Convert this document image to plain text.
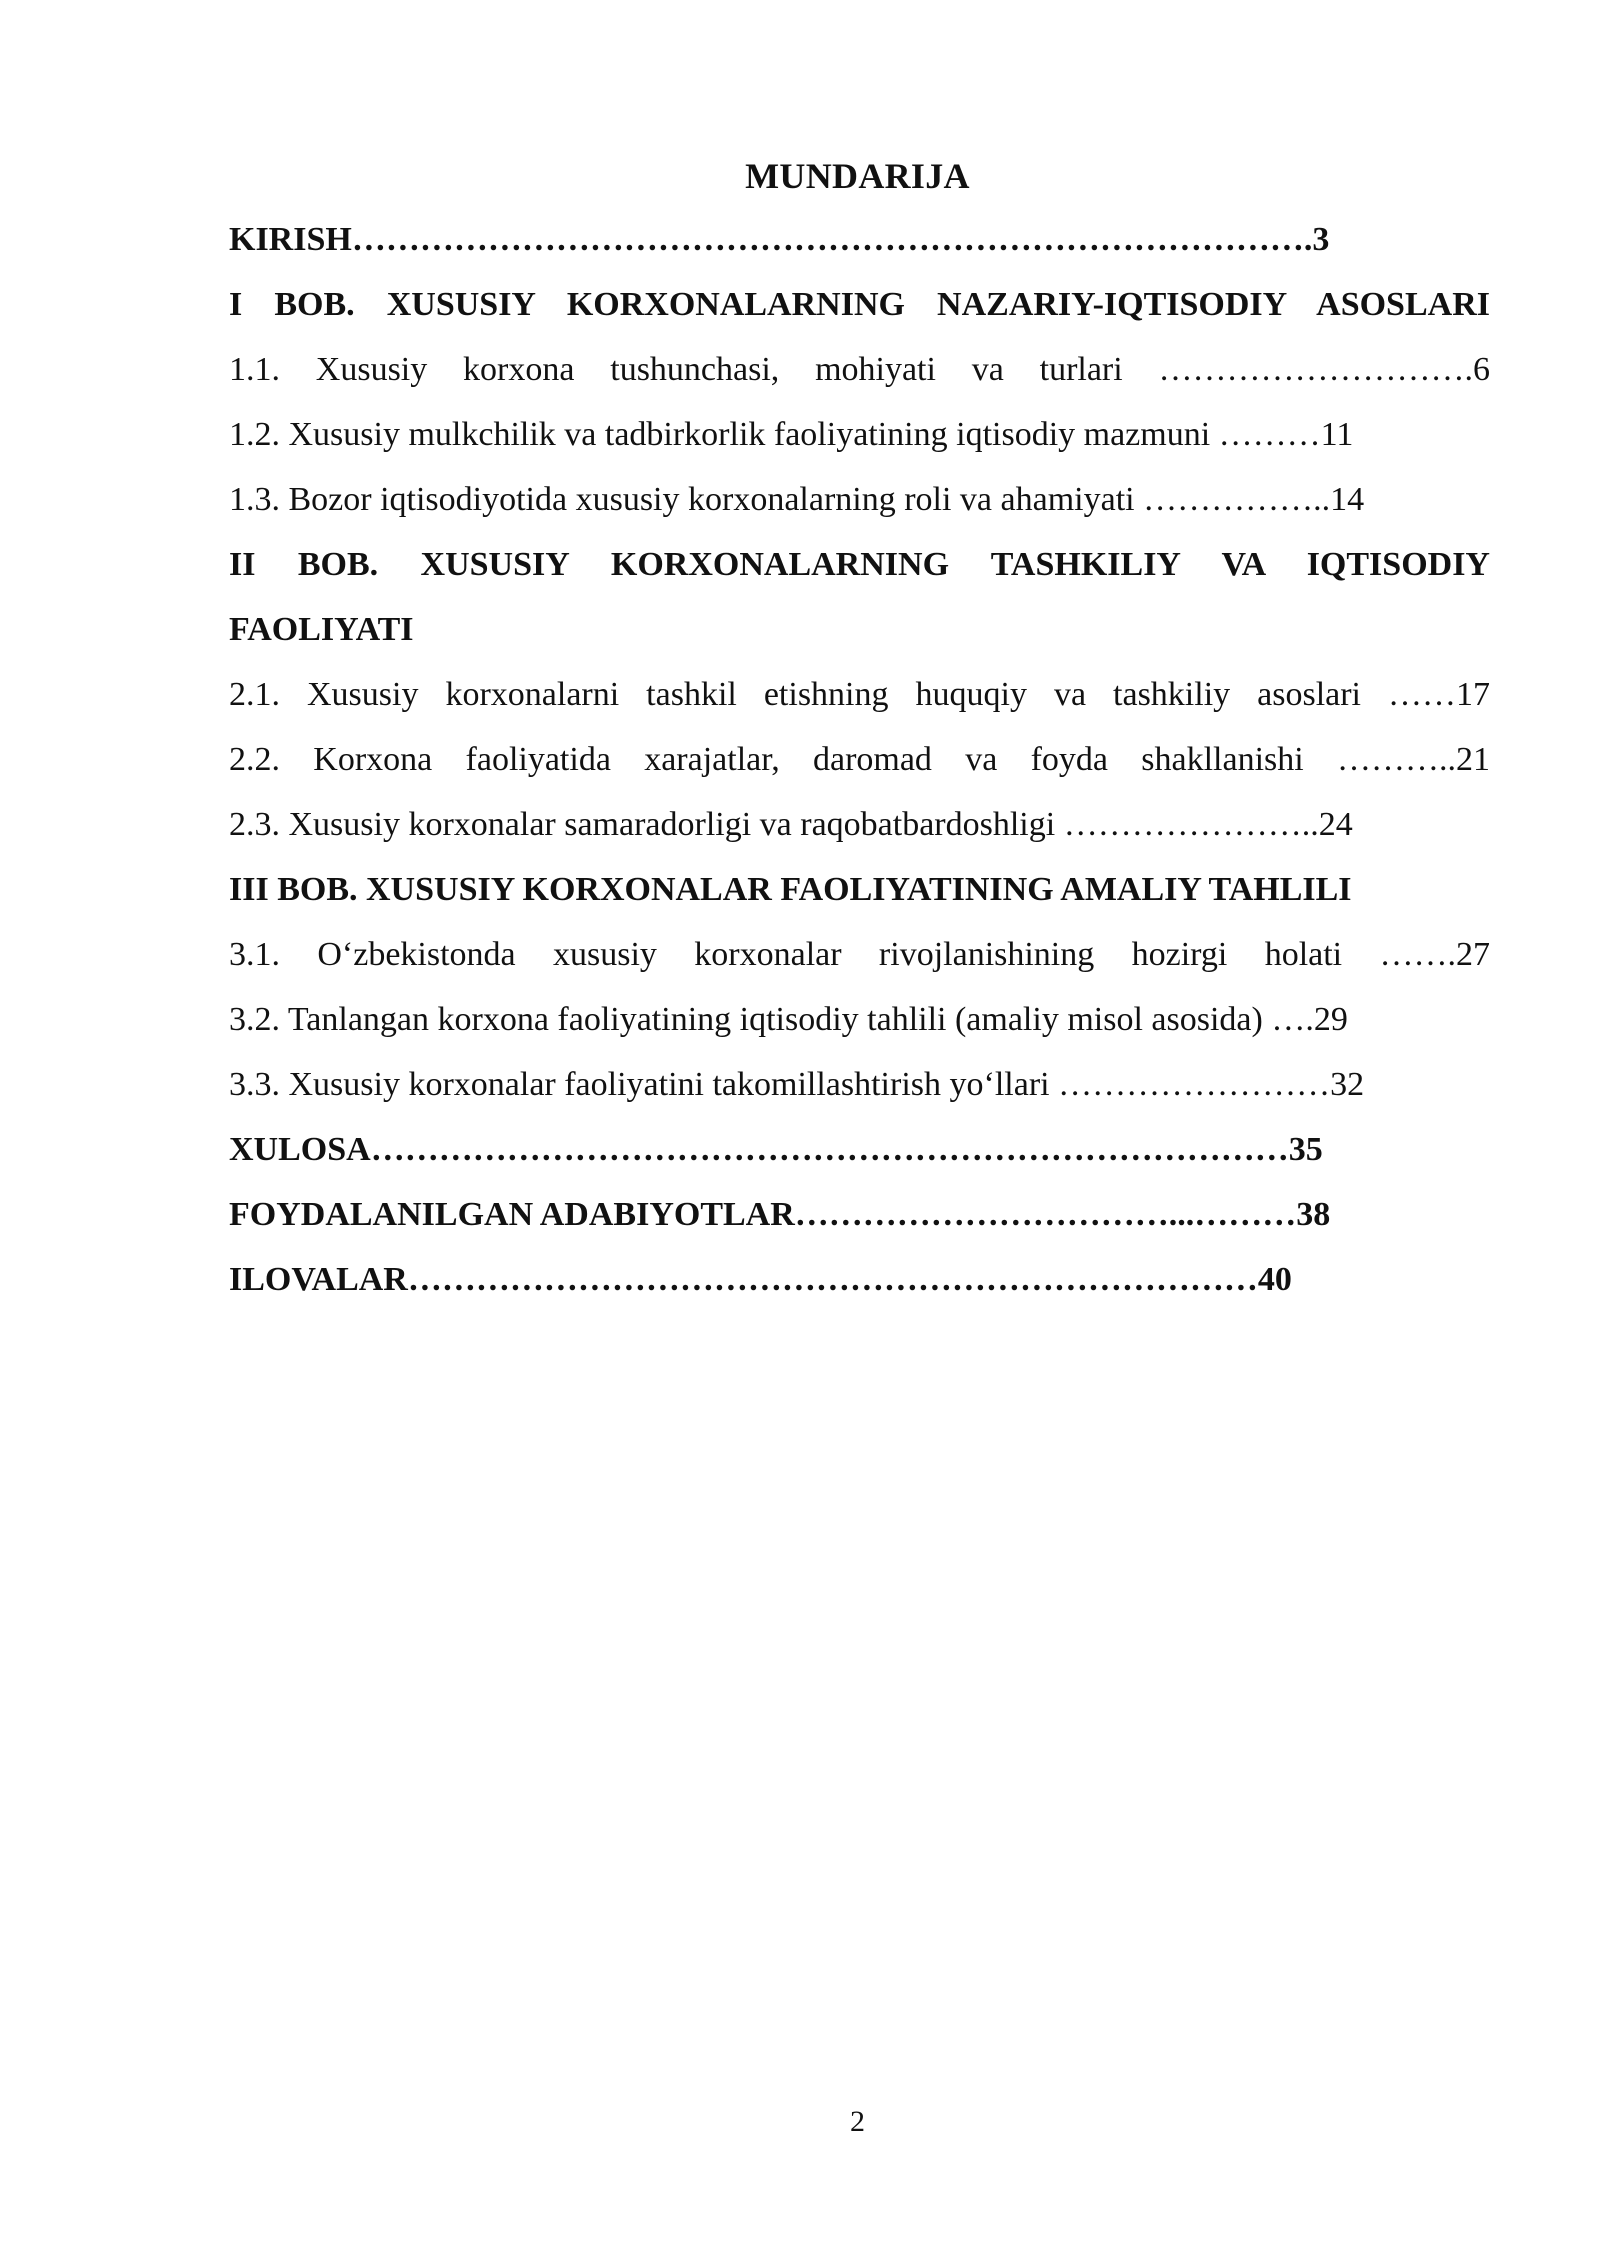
MUNDARIJA
KIRISH………………………………………………………………………….3
I BOB. XUSUSIY KORXONALARNING NAZARIY-IQTISODIY ASOSLARI
1.1. Xususiy korxona tushunchasi, mohiyati va turlari ……………………….6
1.2. Xususiy mulkchilik va tadbirkorlik faoliyatining iqtisodiy mazmuni ………11
1.3. Bozor iqtisodiyotida xususiy korxonalarning roli va ahamiyati ……………..14
II BOB. XUSUSIY KORXONALARNING TASHKILIY VA IQTISODIY
FAOLIYATI
2.1. Xususiy korxonalarni tashkil etishning huquqiy va tashkiliy asoslari ……17
2.2. Korxona faoliyatida xarajatlar, daromad va foyda shakllanishi ………..21
2.3. Xususiy korxonalar samaradorligi va raqobatbardoshligi …………………..24
III BOB. XUSUSIY KORXONALAR FAOLIYATINING AMALIY TAHLILI
3.1. O‘zbekistonda xususiy korxonalar rivojlanishining hozirgi holati …….27
3.2. Tanlangan korxona faoliyatining iqtisodiy tahlili (amaliy misol asosida) ….29
3.3. Xususiy korxonalar faoliyatini takomillashtirish yo‘llari ……………………32
XULOSA………………………………………………………………………35
FOYDALANILGAN ADABIYOTLAR……………………………...………38
ILOVALAR…………………………………………………………………40
2
